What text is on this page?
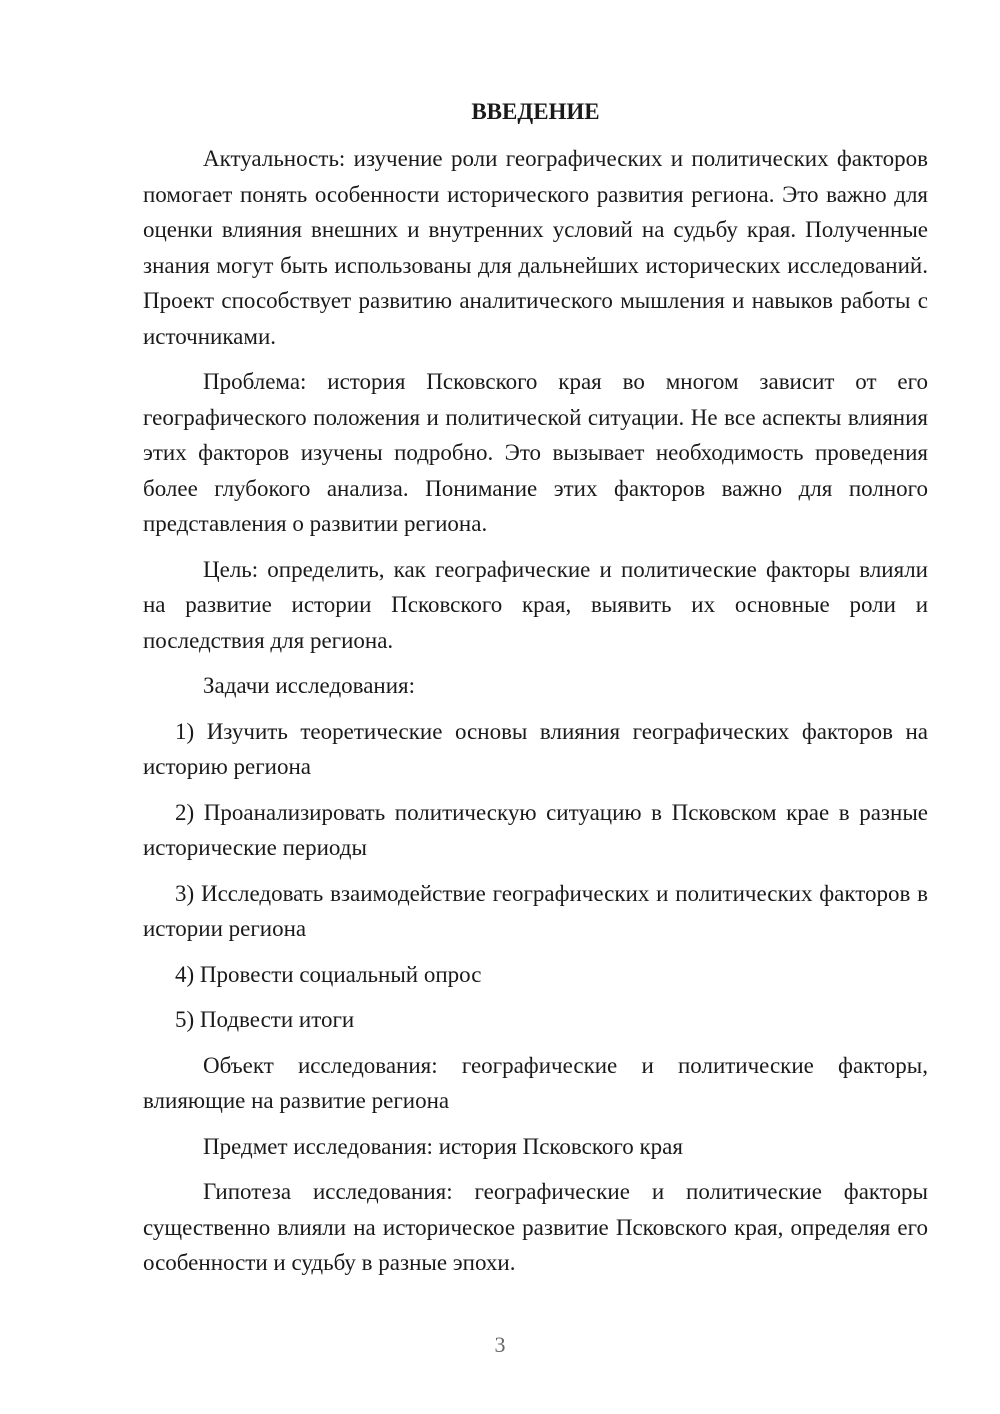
ВВЕДЕНИЕ

Актуальность: изучение роли географических и политических факторов помогает понять особенности исторического развития региона. Это важно для оценки влияния внешних и внутренних условий на судьбу края. Полученные знания могут быть использованы для дальнейших исторических исследований. Проект способствует развитию аналитического мышления и навыков работы с источниками.

Проблема: история Псковского края во многом зависит от его географического положения и политической ситуации. Не все аспекты влияния этих факторов изучены подробно. Это вызывает необходимость проведения более глубокого анализа. Понимание этих факторов важно для полного представления о развитии региона.

Цель: определить, как географические и политические факторы влияли на развитие истории Псковского края, выявить их основные роли и последствия для региона.

Задачи исследования:

1) Изучить теоретические основы влияния географических факторов на историю региона

2) Проанализировать политическую ситуацию в Псковском крае в разные исторические периоды

3) Исследовать взаимодействие географических и политических факторов в истории региона

4) Провести социальный опрос

5) Подвести итоги

Объект исследования: географические и политические факторы, влияющие на развитие региона

Предмет исследования: история Псковского края

Гипотеза исследования: географические и политические факторы существенно влияли на историческое развитие Псковского края, определяя его особенности и судьбу в разные эпохи.

3
